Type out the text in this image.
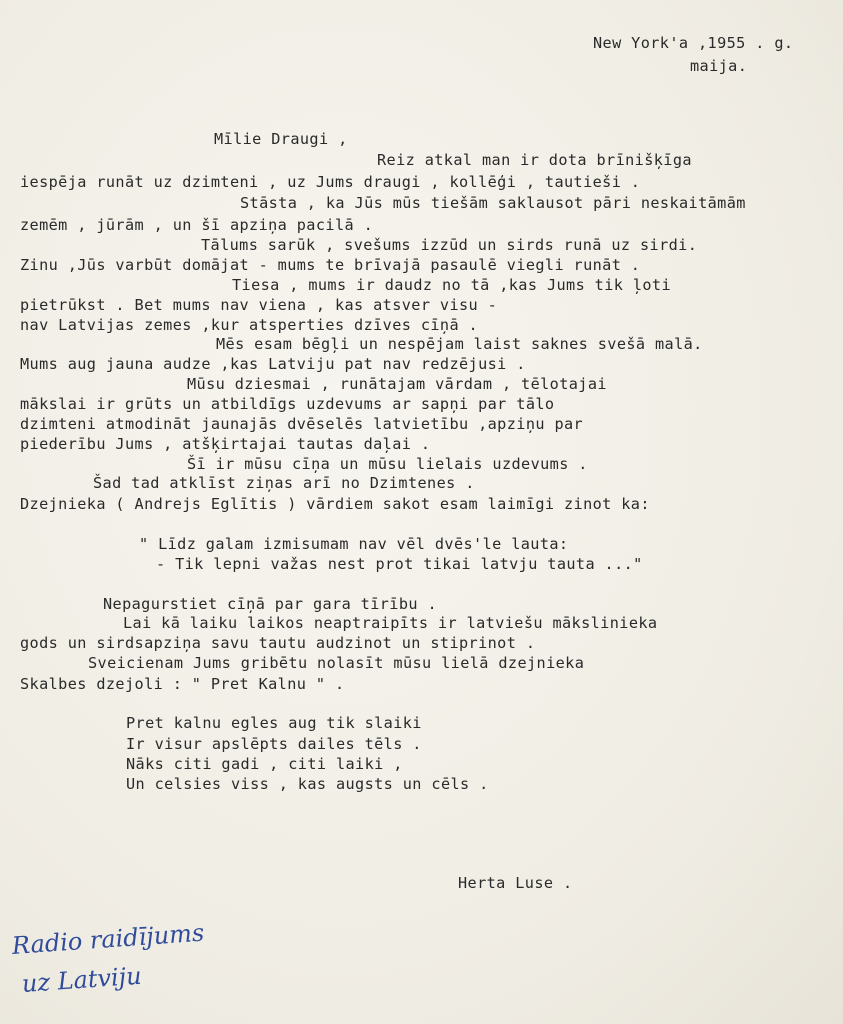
New York'a ,1955 . g.
maija.
Mīlie Draugi ,
Reiz atkal man ir dota brīnišķīga
iespēja runāt uz dzimteni , uz Jums draugi , kollēģi , tautieši .
Stāsta , ka Jūs mūs tiešām saklausot pāri neskaitāmām
zemēm , jūrām , un šī apziņa pacilā .
Tālums sarūk , svešums izzūd un sirds runā uz sirdi.
Zinu ,Jūs varbūt domājat - mums te brīvajā pasaulē viegli runāt .
Tiesa , mums ir daudz no tā ,kas Jums tik ļoti
pietrūkst . Bet mums nav viena , kas atsver visu -
nav Latvijas zemes ,kur atsperties dzīves cīņā .
Mēs esam bēgļi un nespējam laist saknes svešā malā.
Mums aug jauna audze ,kas Latviju pat nav redzējusi .
Mūsu dziesmai , runātajam vārdam , tēlotajai
mākslai ir grūts un atbildīgs uzdevums ar sapņi par tālo
dzimteni atmodināt jaunajās dvēselēs latvietību ,apziņu par
piederību Jums , atšķirtajai tautas daļai .
Šī ir mūsu cīņa un mūsu lielais uzdevums .
Šad tad atklīst ziņas arī no Dzimtenes .
Dzejnieka ( Andrejs Eglītis ) vārdiem sakot esam laimīgi zinot ka:
" Līdz galam izmisumam nav vēl dvēs'le lauta:
- Tik lepni važas nest prot tikai latvju tauta ..."
Nepagurstiet cīņā par gara tīrību .
Lai kā laiku laikos neaptraipīts ir latviešu mākslinieka
gods un sirdsapziņa savu tautu audzinot un stiprinot .
Sveicienam Jums gribētu nolasīt mūsu lielā dzejnieka
Skalbes dzejoli : " Pret Kalnu " .
Pret kalnu egles aug tik slaiki
Ir visur apslēpts dailes tēls .
Nāks citi gadi , citi laiki ,
Un celsies viss , kas augsts un cēls .
Herta Luse .
Radio raidījums
uz Latviju
